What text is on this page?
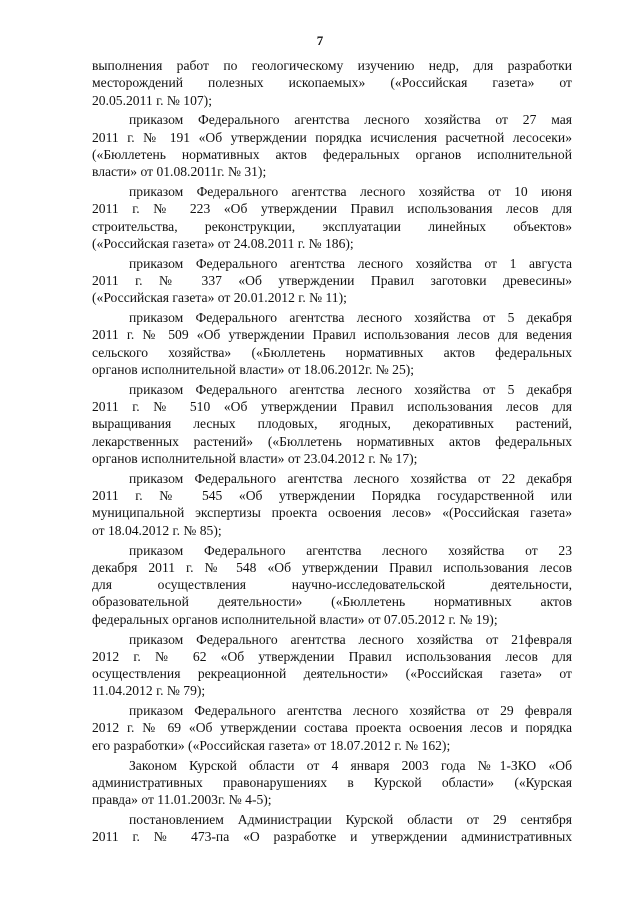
7
выполнения работ по геологическому изучению недр, для разработки
месторождений полезных ископаемых» («Российская газета» от
20.05.2011 г. № 107);
приказом Федерального агентства лесного хозяйства от 27 мая
2011 г. № 191 «Об утверждении порядка исчисления расчетной лесосеки»
(«Бюллетень нормативных актов федеральных органов исполнительной
власти» от 01.08.2011г. № 31);
приказом Федерального агентства лесного хозяйства от 10 июня
2011 г. № 223 «Об утверждении Правил использования лесов для
строительства, реконструкции, эксплуатации линейных объектов»
(«Российская газета» от 24.08.2011 г. № 186);
приказом Федерального агентства лесного хозяйства от 1 августа
2011 г. № 337 «Об утверждении Правил заготовки древесины»
(«Российская газета» от 20.01.2012 г. № 11);
приказом Федерального агентства лесного хозяйства от 5 декабря
2011 г. № 509 «Об утверждении Правил использования лесов для ведения
сельского хозяйства» («Бюллетень нормативных актов федеральных
органов исполнительной власти» от 18.06.2012г. № 25);
приказом Федерального агентства лесного хозяйства от 5 декабря
2011 г. № 510 «Об утверждении Правил использования лесов для
выращивания лесных плодовых, ягодных, декоративных растений,
лекарственных растений» («Бюллетень нормативных актов федеральных
органов исполнительной власти» от 23.04.2012 г. № 17);
приказом Федерального агентства лесного хозяйства от 22 декабря
2011 г. № 545 «Об утверждении Порядка государственной или
муниципальной экспертизы проекта освоения лесов» «(Российская газета»
от 18.04.2012 г. № 85);
приказом Федерального агентства лесного хозяйства от 23
декабря 2011 г. № 548 «Об утверждении Правил использования лесов
для осуществления научно-исследовательской деятельности,
образовательной деятельности» («Бюллетень нормативных актов
федеральных органов исполнительной власти» от 07.05.2012 г. № 19);
приказом Федерального агентства лесного хозяйства от 21февраля
2012 г. № 62 «Об утверждении Правил использования лесов для
осуществления рекреационной деятельности» («Российская газета» от
11.04.2012 г. № 79);
приказом Федерального агентства лесного хозяйства от 29 февраля
2012 г. № 69 «Об утверждении состава проекта освоения лесов и порядка
его разработки» («Российская газета» от 18.07.2012 г. № 162);
Законом Курской области от 4 января 2003 года №1-ЗКО «Об
административных правонарушениях в Курской области» («Курская
правда» от 11.01.2003г. № 4-5);
постановлением Администрации Курской области от 29 сентября
2011 г. № 473-па «О разработке и утверждении административных
